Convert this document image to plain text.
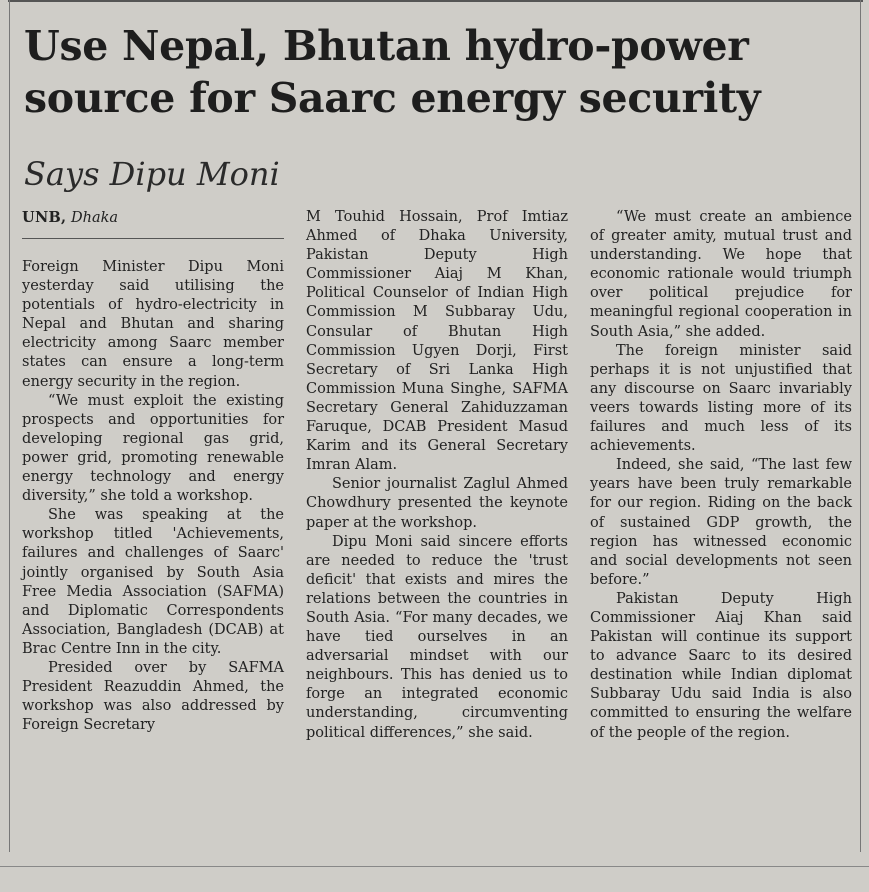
Use Nepal, Bhutan hydro-power source for Saarc energy security
Says Dipu Moni
UNB, Dhaka

Foreign Minister Dipu Moni yesterday said utilising the potentials of hydro-electricity in Nepal and Bhutan and sharing electricity among Saarc member states can ensure a long-term energy security in the region.

“We must exploit the existing prospects and opportunities for developing regional gas grid, power grid, promoting renewable energy technology and energy diversity,” she told a workshop.

She was speaking at the workshop titled 'Achievements, failures and challenges of Saarc' jointly organised by South Asia Free Media Association (SAFMA) and Diplomatic Correspondents Association, Bangladesh (DCAB) at Brac Centre Inn in the city.

Presided over by SAFMA President Reazuddin Ahmed, the workshop was also addressed by Foreign Secretary

M Touhid Hossain, Prof Imtiaz Ahmed of Dhaka University, Pakistan Deputy High Commissioner Aiaj M Khan, Political Counselor of Indian High Commission M Subbaray Udu, Consular of Bhutan High Commission Ugyen Dorji, First Secretary of Sri Lanka High Commission Muna Singhe, SAFMA Secretary General Zahiduzzaman Faruque, DCAB President Masud Karim and its General Secretary Imran Alam.

Senior journalist Zaglul Ahmed Chowdhury presented the keynote paper at the workshop.

Dipu Moni said sincere efforts are needed to reduce the 'trust deficit' that exists and mires the relations between the countries in South Asia. “For many decades, we have tied ourselves in an adversarial mindset with our neighbours. This has denied us to forge an integrated economic understanding, circumventing political differences,” she said.

“We must create an ambience of greater amity, mutual trust and understanding. We hope that economic rationale would triumph over political prejudice for meaningful regional cooperation in South Asia,” she added.

The foreign minister said perhaps it is not unjustified that any discourse on Saarc invariably veers towards listing more of its failures and much less of its achievements.

Indeed, she said, “The last few years have been truly remarkable for our region. Riding on the back of sustained GDP growth, the region has witnessed economic and social developments not seen before.”

Pakistan Deputy High Commissioner Aiaj Khan said Pakistan will continue its support to advance Saarc to its desired destination while Indian diplomat Subbaray Udu said India is also committed to ensuring the welfare of the people of the region.
